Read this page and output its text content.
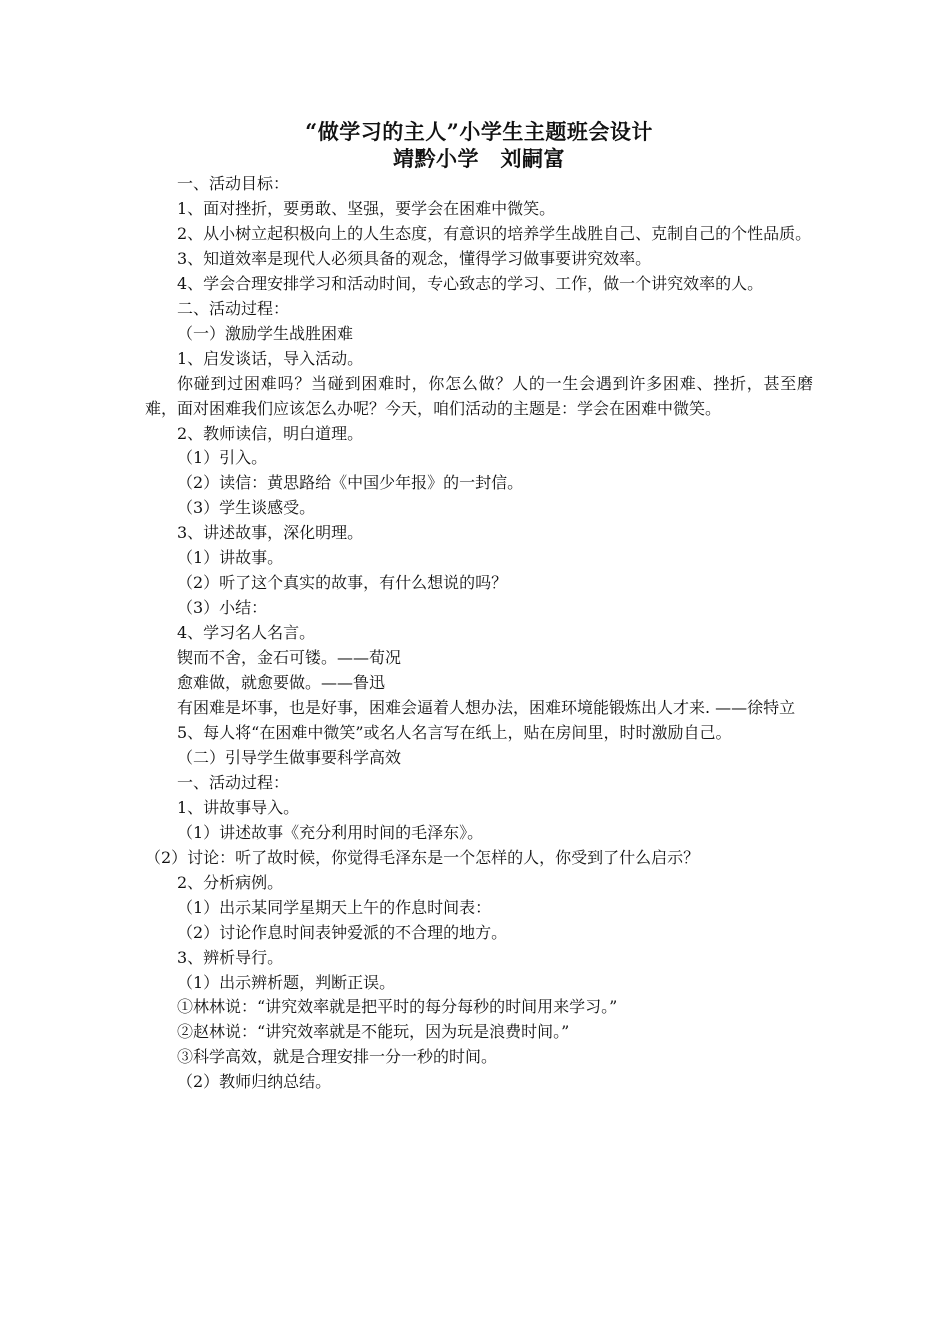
“做学习的主人”小学生主题班会设计
靖黔小学　刘嗣富

一、活动目标：

1、面对挫折，要勇敢、坚强，要学会在困难中微笑。

2、从小树立起积极向上的人生态度，有意识的培养学生战胜自己、克制自己的个性品质。

3、知道效率是现代人必须具备的观念，懂得学习做事要讲究效率。

4、学会合理安排学习和活动时间，专心致志的学习、工作，做一个讲究效率的人。

二、活动过程：

（一）激励学生战胜困难

1、启发谈话，导入活动。

你碰到过困难吗？当碰到困难时，你怎么做？人的一生会遇到许多困难、挫折，甚至磨难，面对困难我们应该怎么办呢？今天，咱们活动的主题是：学会在困难中微笑。

2、教师读信，明白道理。

（1）引入。

（2）读信：黄思路给《中国少年报》的一封信。

（3）学生谈感受。

3、讲述故事，深化明理。

（1）讲故事。

（2）听了这个真实的故事，有什么想说的吗？

（3）小结：

4、学习名人名言。

锲而不舍，金石可镂。——荀况

愈难做，就愈要做。——鲁迅

有困难是坏事，也是好事，困难会逼着人想办法，困难环境能锻炼出人才来. ——徐特立

5、每人将“在困难中微笑”或名人名言写在纸上，贴在房间里，时时激励自己。

（二）引导学生做事要科学高效

一、活动过程：

1、讲故事导入。

（1）讲述故事《充分利用时间的毛泽东》。

（2）讨论：听了故时候，你觉得毛泽东是一个怎样的人，你受到了什么启示？

2、分析病例。

（1）出示某同学星期天上午的作息时间表：

（2）讨论作息时间表钟爱派的不合理的地方。

3、辨析导行。

（1）出示辨析题，判断正误。

①林林说：“讲究效率就是把平时的每分每秒的时间用来学习。”

②赵林说：“讲究效率就是不能玩，因为玩是浪费时间。”

③科学高效，就是合理安排一分一秒的时间。

（2）教师归纳总结。
